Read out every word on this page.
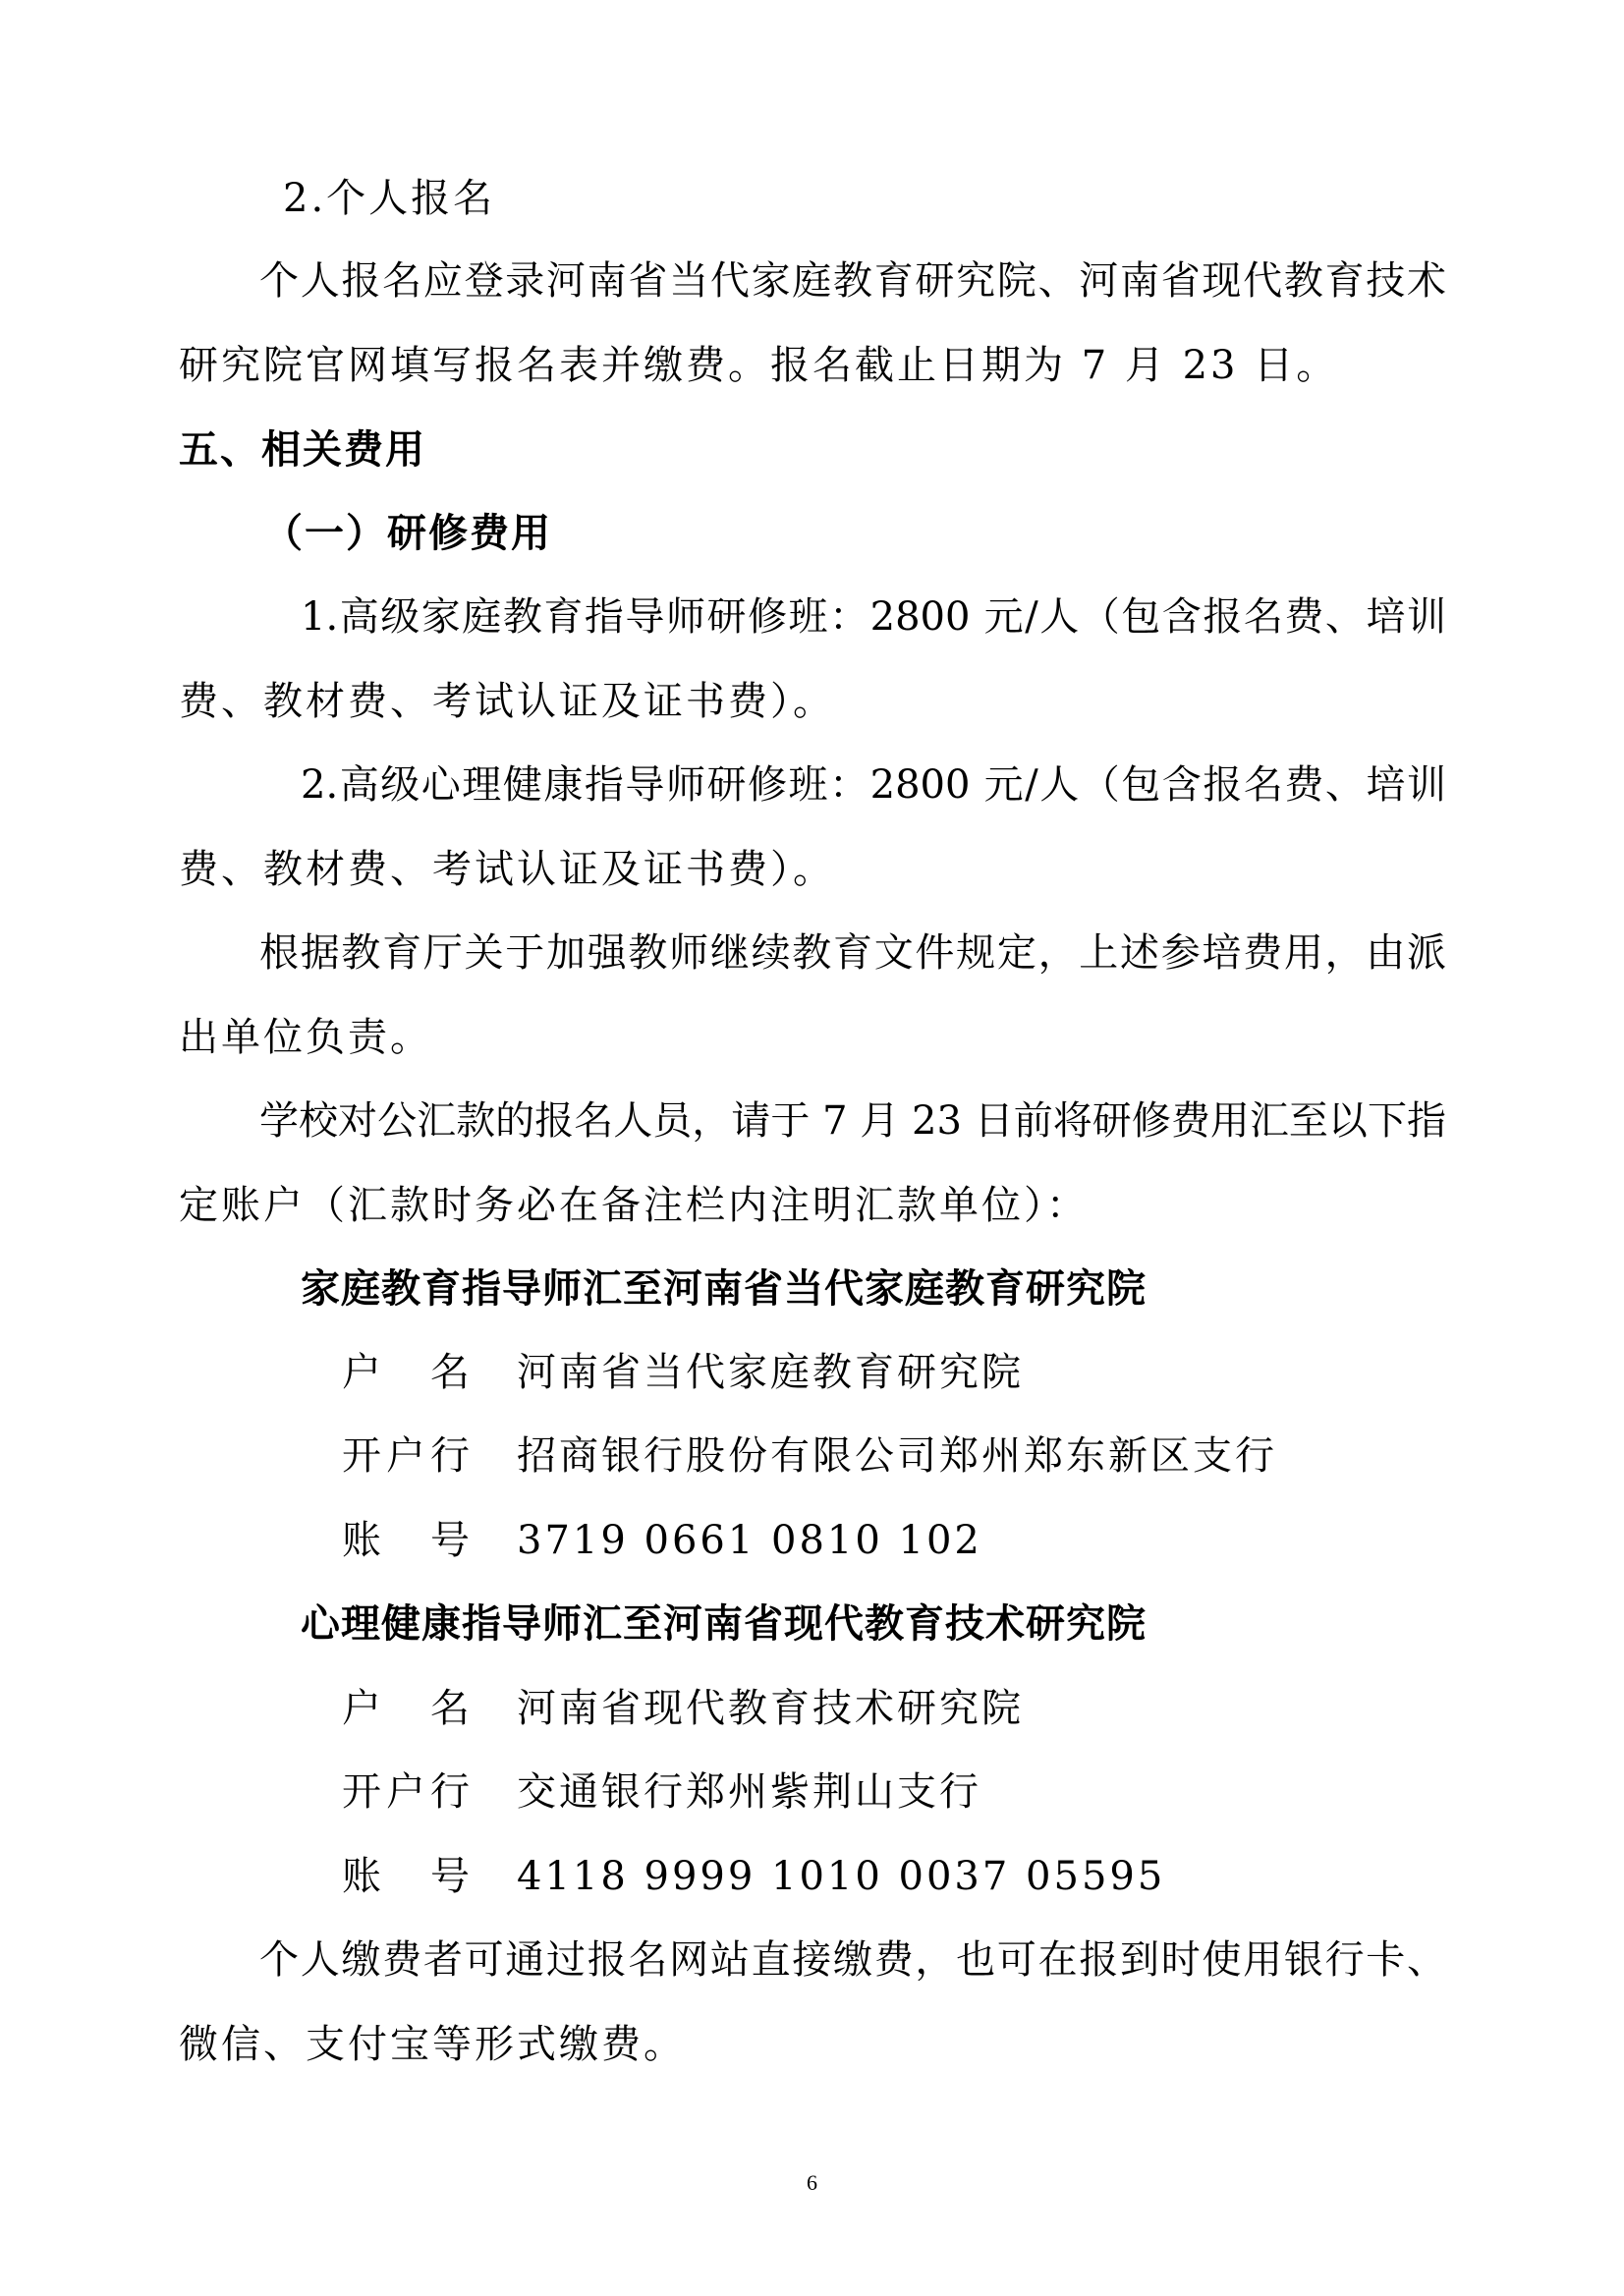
2.个人报名
个人报名应登录河南省当代家庭教育研究院、河南省现代教育技术
研究院官网填写报名表并缴费。报名截止日期为 7 月 23 日。
五、相关费用
（一）研修费用
1.高级家庭教育指导师研修班：2800 元/人（包含报名费、培训
费、教材费、考试认证及证书费）。
2.高级心理健康指导师研修班：2800 元/人（包含报名费、培训
费、教材费、考试认证及证书费）。
根据教育厅关于加强教师继续教育文件规定，上述参培费用，由派
出单位负责。
学校对公汇款的报名人员，请于 7 月 23 日前将研修费用汇至以下指
定账户（汇款时务必在备注栏内注明汇款单位）：
家庭教育指导师汇至河南省当代家庭教育研究院
户 名 河南省当代家庭教育研究院
开户行 招商银行股份有限公司郑州郑东新区支行
账 号 3719 0661 0810 102
心理健康指导师汇至河南省现代教育技术研究院
户 名 河南省现代教育技术研究院
开户行 交通银行郑州紫荆山支行
账 号 4118 9999 1010 0037 05595
个人缴费者可通过报名网站直接缴费，也可在报到时使用银行卡、
微信、支付宝等形式缴费。
6
